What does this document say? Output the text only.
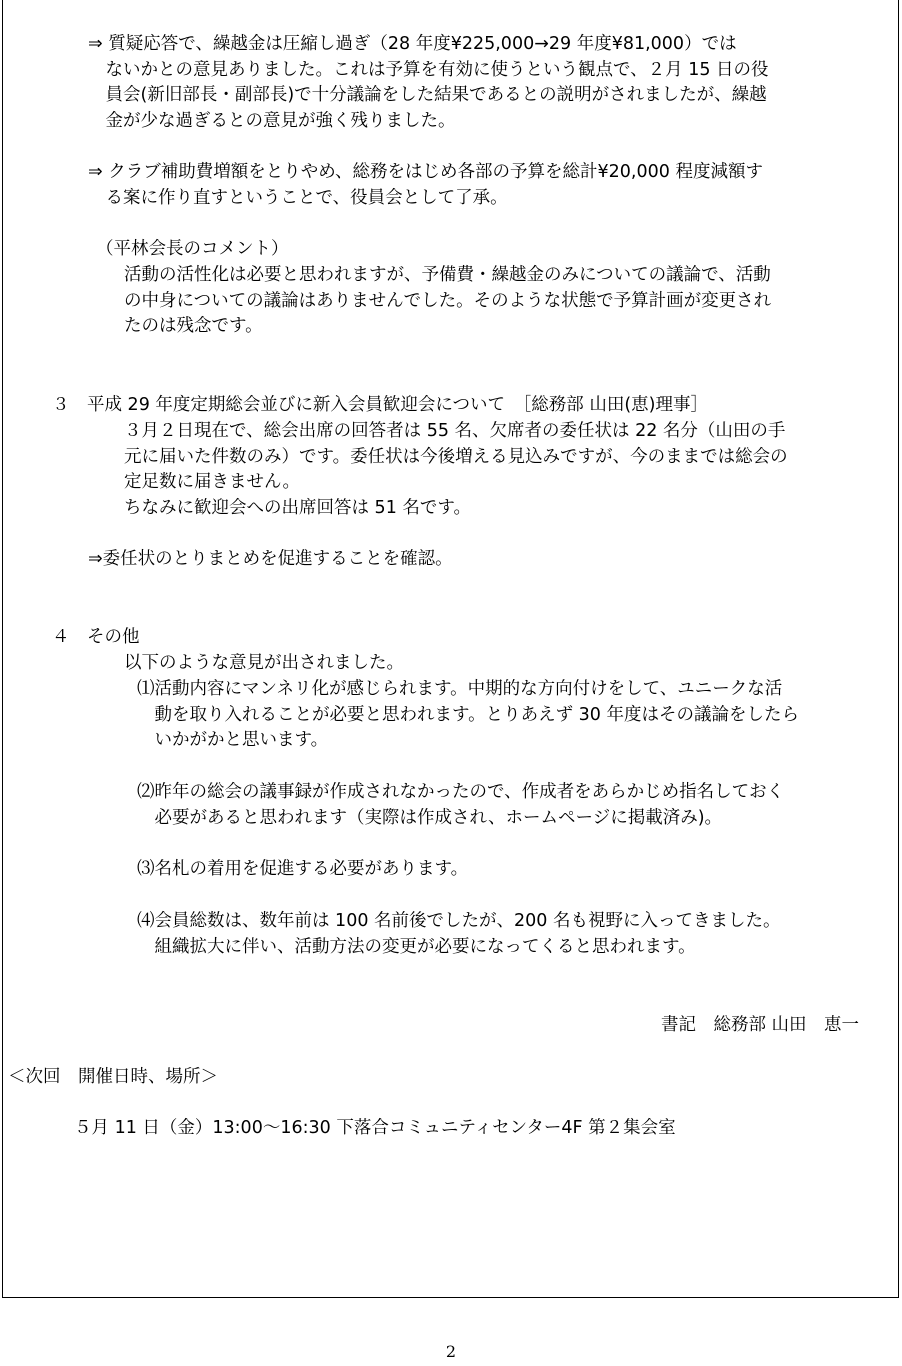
⇒ 質疑応答で、繰越金は圧縮し過ぎ（28 年度¥225,000→29 年度¥81,000）では
　ないかとの意見ありました。これは予算を有効に使うという観点で、２月 15 日の役
　員会(新旧部長・副部長)で十分議論をした結果であるとの説明がされましたが、繰越
　金が少な過ぎるとの意見が強く残りました。
⇒ クラブ補助費増額をとりやめ、総務をはじめ各部の予算を総計¥20,000 程度減額す
　る案に作り直すということで、役員会として了承。
（平林会長のコメント）
活動の活性化は必要と思われますが、予備費・繰越金のみについての議論で、活動
の中身についての議論はありませんでした。そのような状態で予算計画が変更され
たのは残念です。
３　平成 29 年度定期総会並びに新入会員歓迎会について　［総務部 山田(恵)理事］
３月２日現在で、総会出席の回答者は 55 名、欠席者の委任状は 22 名分（山田の手
元に届いた件数のみ）です。委任状は今後増える見込みですが、今のままでは総会の
定足数に届きません。
ちなみに歓迎会への出席回答は 51 名です。
⇒委任状のとりまとめを促進することを確認。
４　その他
以下のような意見が出されました。
⑴活動内容にマンネリ化が感じられます。中期的な方向付けをして、ユニークな活
　動を取り入れることが必要と思われます。とりあえず 30 年度はその議論をしたら
　いかがかと思います。
⑵昨年の総会の議事録が作成されなかったので、作成者をあらかじめ指名しておく
　必要があると思われます（実際は作成され、ホームページに掲載済み)。
⑶名札の着用を促進する必要があります。
⑷会員総数は、数年前は 100 名前後でしたが、200 名も視野に入ってきました。
　組織拡大に伴い、活動方法の変更が必要になってくると思われます。
書記　総務部 山田　恵一
＜次回　開催日時、場所＞
５月 11 日（金）13:00～16:30 下落合コミュニティセンター4F 第２集会室
2
